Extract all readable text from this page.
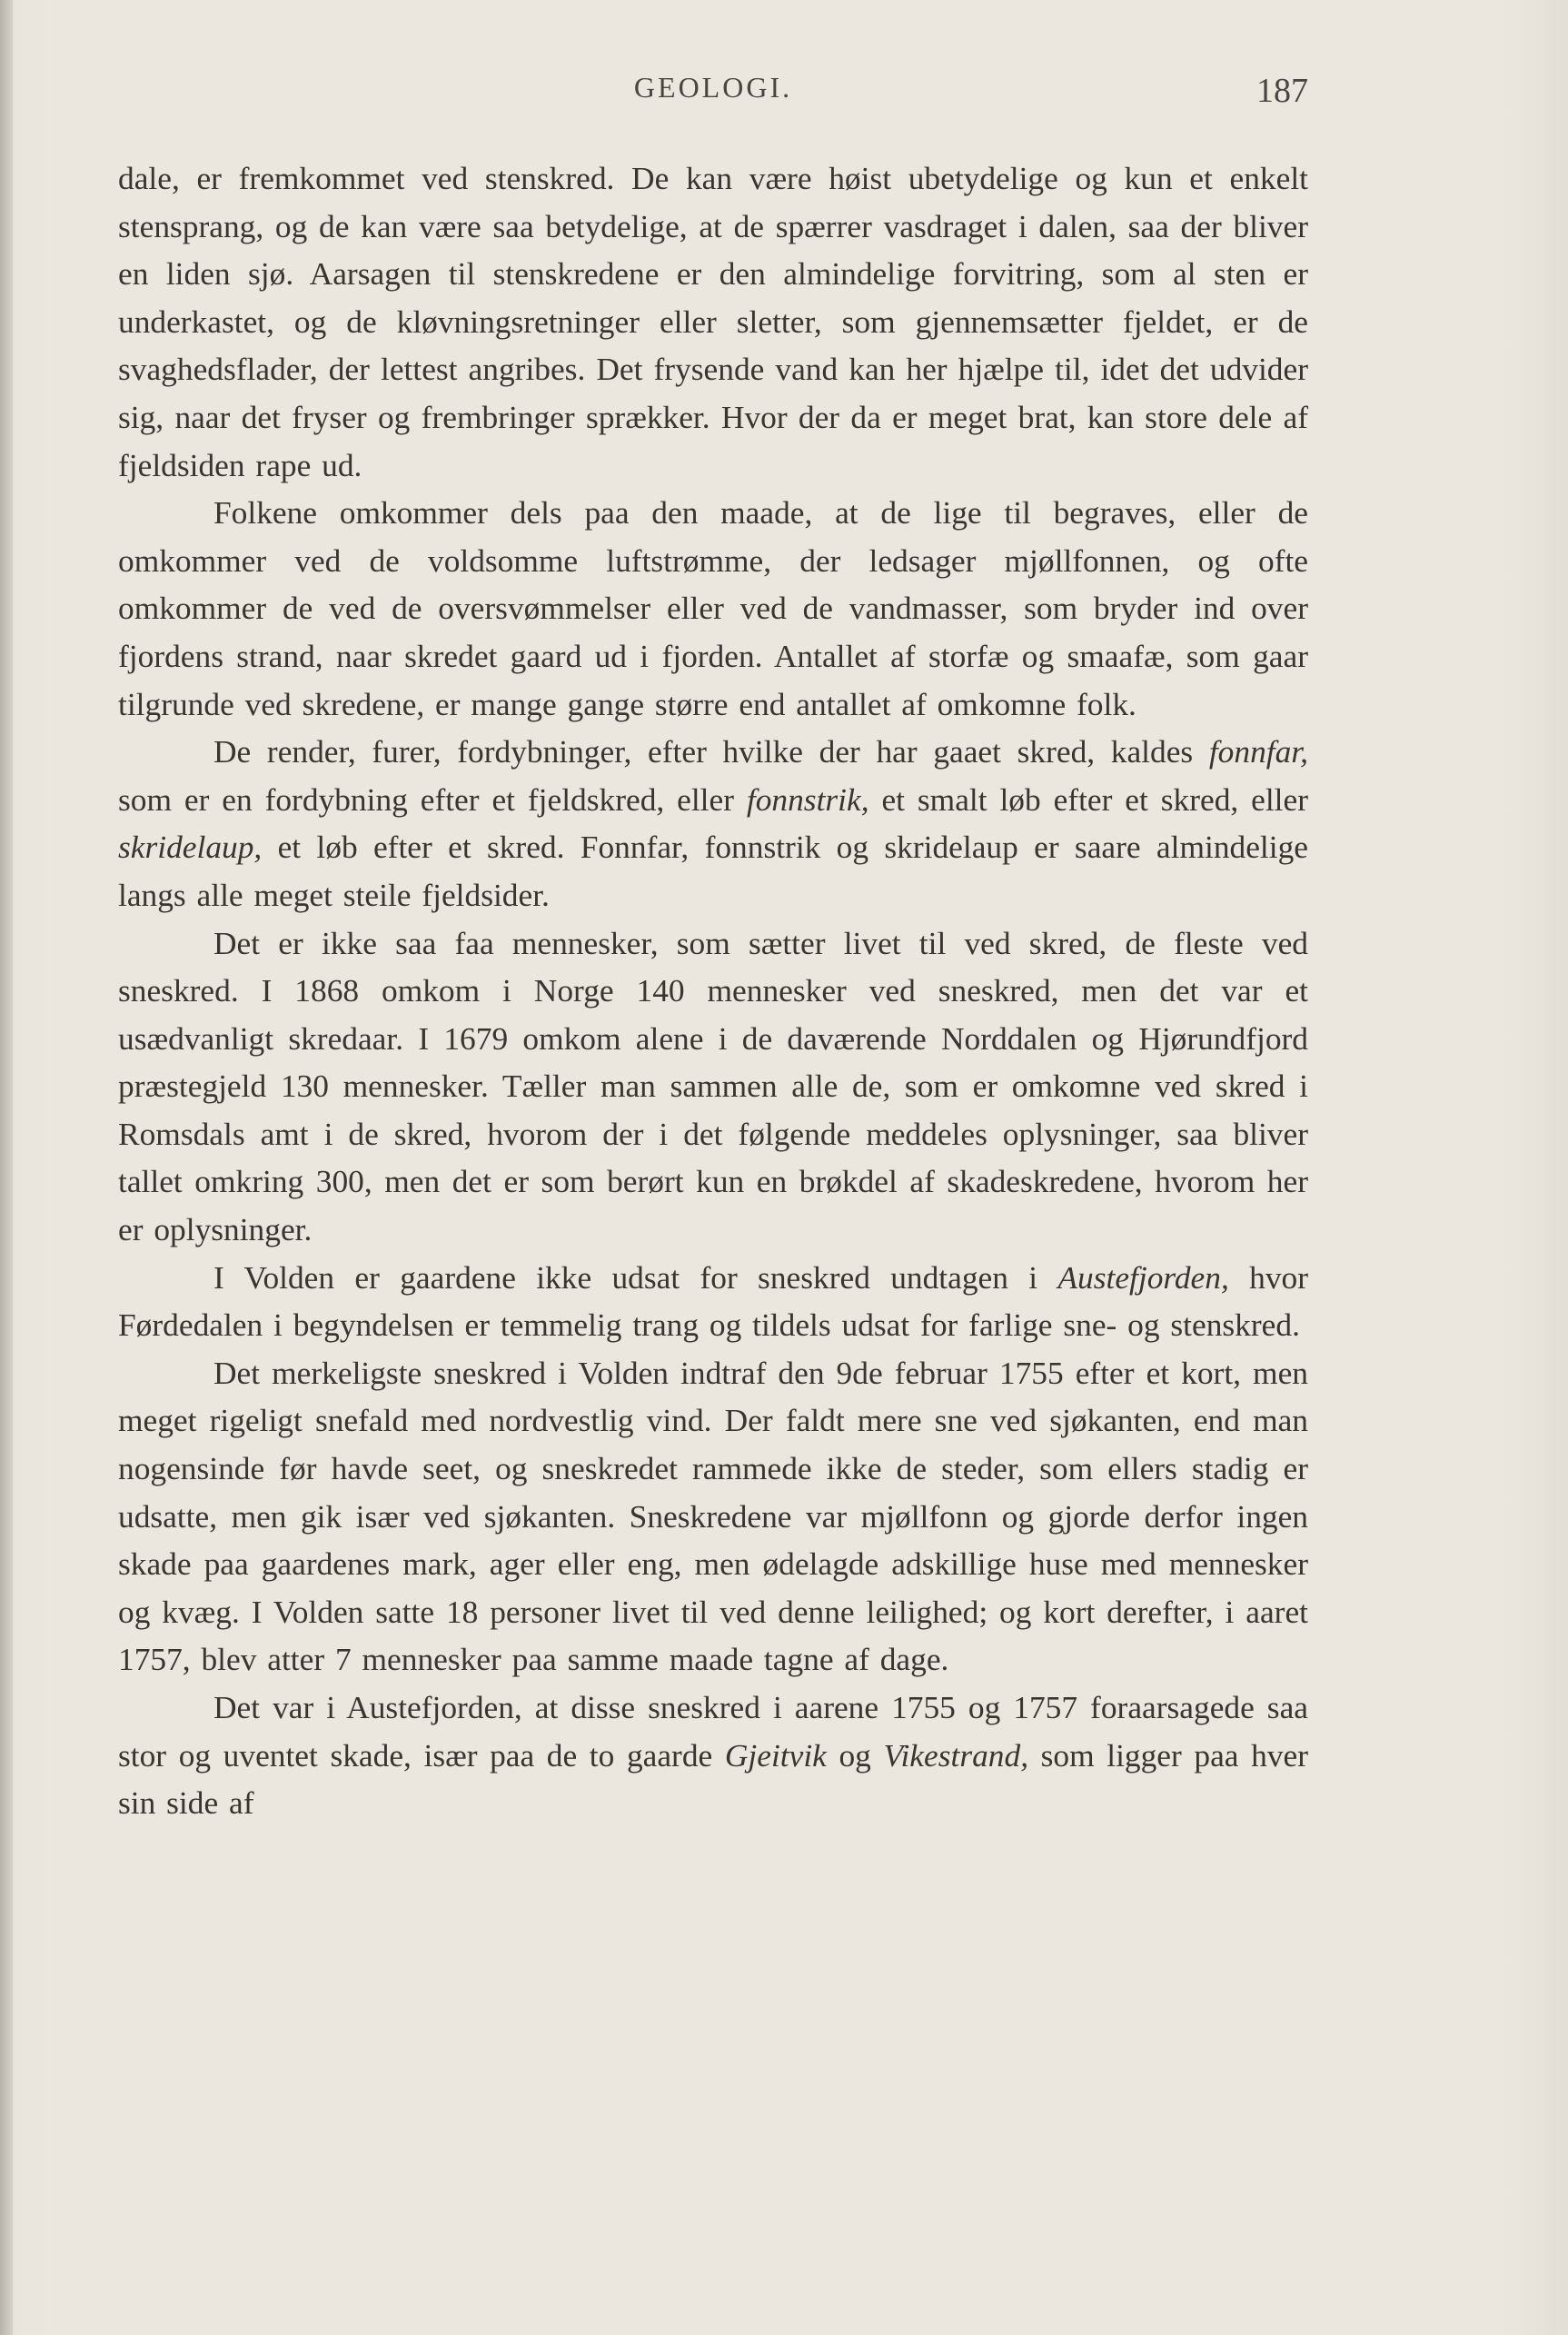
GEOLOGI.	187

dale, er fremkommet ved stenskred. De kan være høist ubetydelige og kun et enkelt stensprang, og de kan være saa betydelige, at de spærrer vasdraget i dalen, saa der bliver en liden sjø. Aarsagen til stenskredene er den almindelige forvitring, som al sten er underkastet, og de kløvningsretninger eller sletter, som gjennemsætter fjeldet, er de svaghedsflader, der lettest angribes. Det frysende vand kan her hjælpe til, idet det udvider sig, naar det fryser og frembringer sprækker. Hvor der da er meget brat, kan store dele af fjeldsiden rape ud.

Folkene omkommer dels paa den maade, at de lige til begraves, eller de omkommer ved de voldsomme luftstrømme, der ledsager mjøllfonnen, og ofte omkommer de ved de oversvømmelser eller ved de vandmasser, som bryder ind over fjordens strand, naar skredet gaard ud i fjorden. Antallet af storfæ og smaafæ, som gaar tilgrunde ved skredene, er mange gange større end antallet af omkomne folk.

De render, furer, fordybninger, efter hvilke der har gaaet skred, kaldes fonnfar, som er en fordybning efter et fjeldskred, eller fonnstrik, et smalt løb efter et skred, eller skridelaup, et løb efter et skred. Fonnfar, fonnstrik og skridelaup er saare almindelige langs alle meget steile fjeldsider.

Det er ikke saa faa mennesker, som sætter livet til ved skred, de fleste ved sneskred. I 1868 omkom i Norge 140 mennesker ved sneskred, men det var et usædvanligt skredaar. I 1679 omkom alene i de daværende Norddalen og Hjørundfjord præstegjeld 130 mennesker. Tæller man sammen alle de, som er omkomne ved skred i Romsdals amt i de skred, hvorom der i det følgende meddeles oplysninger, saa bliver tallet omkring 300, men det er som berørt kun en brøkdel af skadeskredene, hvorom her er oplysninger.

I Volden er gaardene ikke udsat for sneskred undtagen i Austefjorden, hvor Førdedalen i begyndelsen er temmelig trang og tildels udsat for farlige sne- og stenskred.

Det merkeligste sneskred i Volden indtraf den 9de februar 1755 efter et kort, men meget rigeligt snefald med nordvestlig vind. Der faldt mere sne ved sjøkanten, end man nogensinde før havde seet, og sneskredet rammede ikke de steder, som ellers stadig er udsatte, men gik især ved sjøkanten. Sneskredene var mjøllfonn og gjorde derfor ingen skade paa gaardenes mark, ager eller eng, men ødelagde adskillige huse med mennesker og kvæg. I Volden satte 18 personer livet til ved denne leilighed; og kort derefter, i aaret 1757, blev atter 7 mennesker paa samme maade tagne af dage.

Det var i Austefjorden, at disse sneskred i aarene 1755 og 1757 foraarsagede saa stor og uventet skade, især paa de to gaarde Gjeitvik og Vikestrand, som ligger paa hver sin side af
